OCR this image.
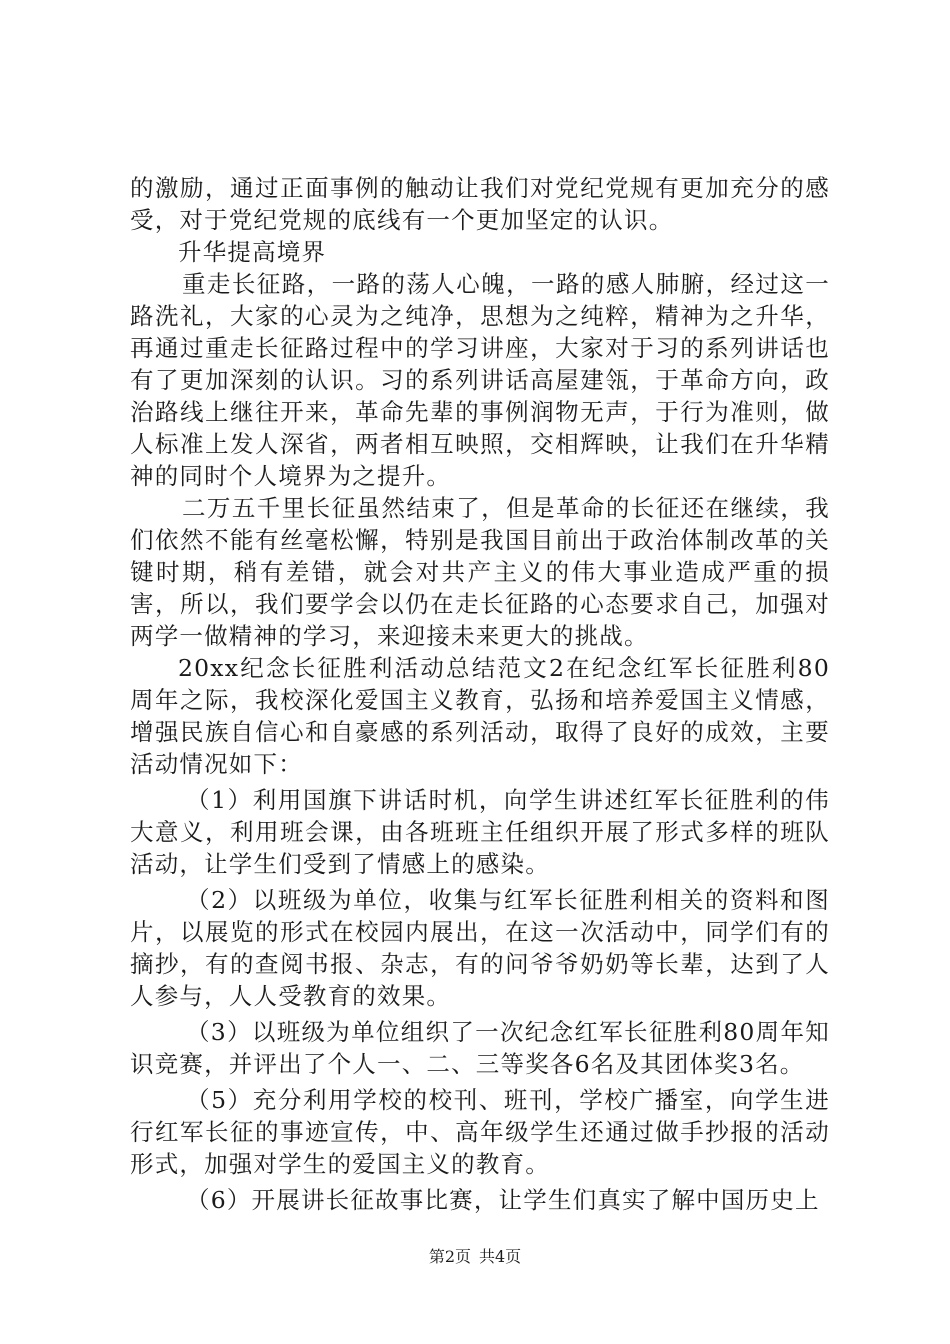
的激励，通过正面事例的触动让我们对党纪党规有更加充分的感受，对于党纪党规的底线有一个更加坚定的认识。

升华提高境界

重走长征路，一路的荡人心魄，一路的感人肺腑，经过这一路洗礼，大家的心灵为之纯净，思想为之纯粹，精神为之升华，再通过重走长征路过程中的学习讲座，大家对于习的系列讲话也有了更加深刻的认识。习的系列讲话高屋建瓴，于革命方向，政治路线上继往开来，革命先辈的事例润物无声，于行为准则，做人标准上发人深省，两者相互映照，交相辉映，让我们在升华精神的同时个人境界为之提升。

二万五千里长征虽然结束了，但是革命的长征还在继续，我们依然不能有丝毫松懈，特别是我国目前出于政治体制改革的关键时期，稍有差错，就会对共产主义的伟大事业造成严重的损害，所以，我们要学会以仍在走长征路的心态要求自己，加强对两学一做精神的学习，来迎接未来更大的挑战。

20xx纪念长征胜利活动总结范文2在纪念红军长征胜利80周年之际，我校深化爱国主义教育，弘扬和培养爱国主义情感，增强民族自信心和自豪感的系列活动，取得了良好的成效，主要活动情况如下：

（1）利用国旗下讲话时机，向学生讲述红军长征胜利的伟大意义，利用班会课，由各班班主任组织开展了形式多样的班队活动，让学生们受到了情感上的感染。

（2）以班级为单位，收集与红军长征胜利相关的资料和图片，以展览的形式在校园内展出，在这一次活动中，同学们有的摘抄，有的查阅书报、杂志，有的问爷爷奶奶等长辈，达到了人人参与，人人受教育的效果。

（3）以班级为单位组织了一次纪念红军长征胜利80周年知识竞赛，并评出了个人一、二、三等奖各6名及其团体奖3名。

（5）充分利用学校的校刊、班刊，学校广播室，向学生进行红军长征的事迹宣传，中、高年级学生还通过做手抄报的活动形式，加强对学生的爱国主义的教育。

（6）开展讲长征故事比赛，让学生们真实了解中国历史上

第2页 共4页
